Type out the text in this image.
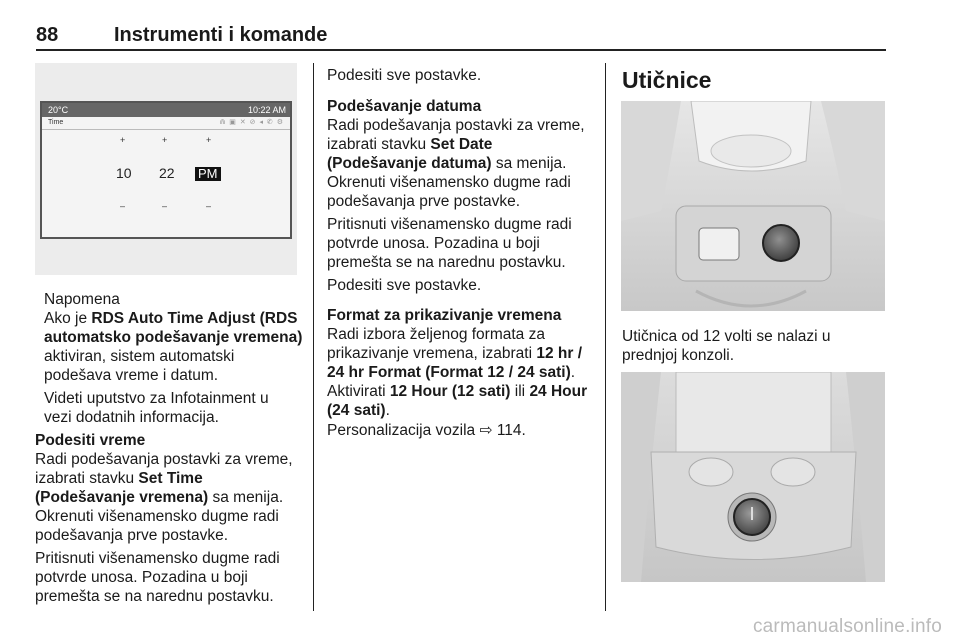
88	Instrumenti i komande
20°C	10:22 AM
Time	⋒ ▣ ✕ ⊘ ◂ ✆ ⚙
+	+	+
10 22 PM
–	–	–
Napomena
Ako je RDS Auto Time Adjust (RDS
automatsko podešavanje vremena)
aktiviran, sistem automatski
podešava vreme i datum.
Videti uputstvo za Infotainment u
vezi dodatnih informacija.
Podesiti vreme
Radi podešavanja postavki za vreme,
izabrati stavku Set Time
(Podešavanje vremena) sa menija.
Okrenuti višenamensko dugme radi
podešavanja prve postavke.
Pritisnuti višenamensko dugme radi
potvrde unosa. Pozadina u boji
premešta se na narednu postavku.
Podesiti sve postavke.
Podešavanje datuma
Radi podešavanja postavki za vreme,
izabrati stavku Set Date
(Podešavanje datuma) sa menija.
Okrenuti višenamensko dugme radi
podešavanja prve postavke.
Pritisnuti višenamensko dugme radi
potvrde unosa. Pozadina u boji
premešta se na narednu postavku.
Podesiti sve postavke.
Format za prikazivanje vremena
Radi izbora željenog formata za
prikazivanje vremena, izabrati 12 hr /
24 hr Format (Format 12 / 24 sati).
Aktivirati 12 Hour (12 sati) ili 24 Hour
(24 sati).
Personalizacija vozila ⇨ 114.
Utičnice
Utičnica od 12 volti se nalazi u
prednjoj konzoli.
carmanualsonline.info
